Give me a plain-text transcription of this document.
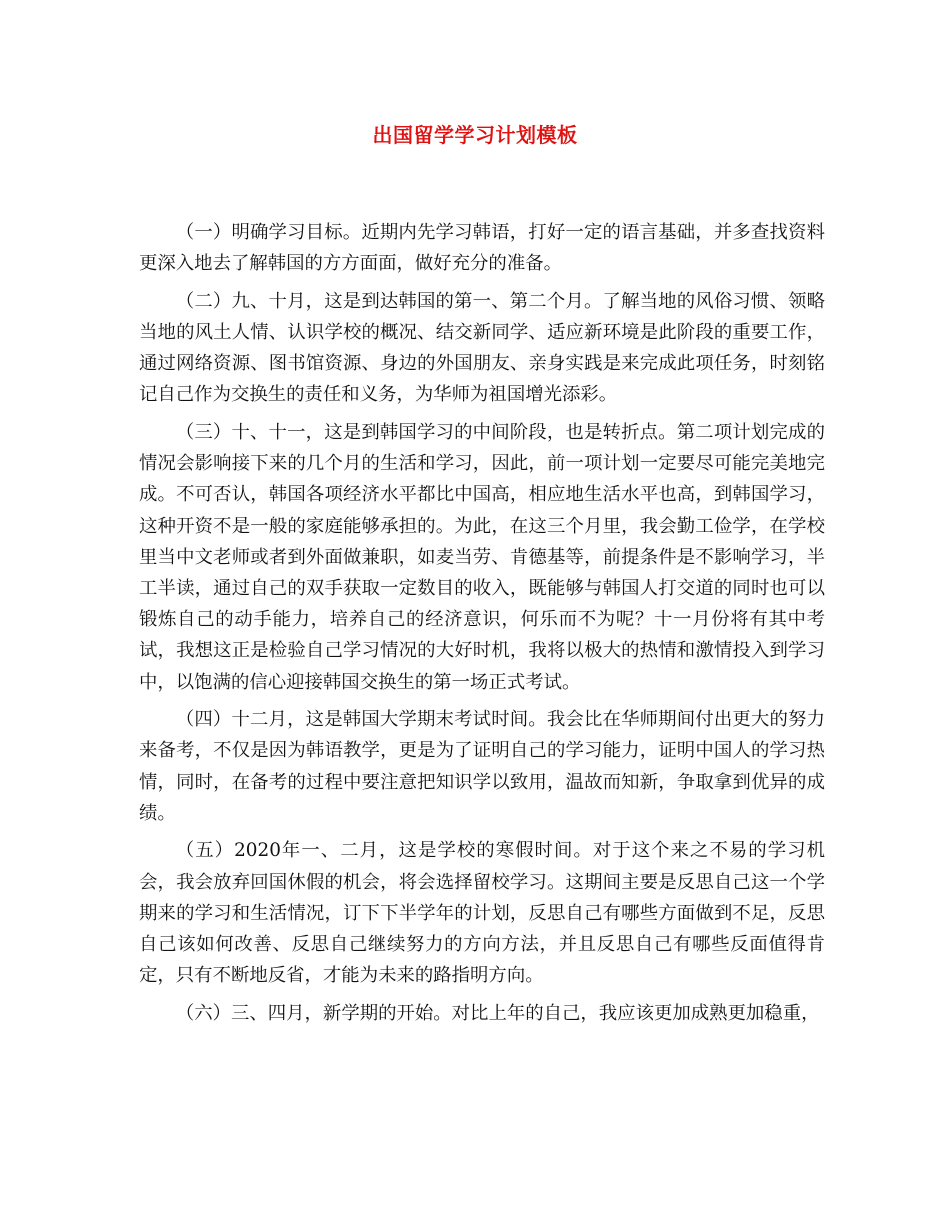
出国留学学习计划模板

（一）明确学习目标。近期内先学习韩语，打好一定的语言基础，并多查找资料更深入地去了解韩国的方方面面，做好充分的准备。

（二）九、十月，这是到达韩国的第一、第二个月。了解当地的风俗习惯、领略当地的风土人情、认识学校的概况、结交新同学、适应新环境是此阶段的重要工作，通过网络资源、图书馆资源、身边的外国朋友、亲身实践是来完成此项任务，时刻铭记自己作为交换生的责任和义务，为华师为祖国增光添彩。

（三）十、十一，这是到韩国学习的中间阶段，也是转折点。第二项计划完成的情况会影响接下来的几个月的生活和学习，因此，前一项计划一定要尽可能完美地完成。不可否认，韩国各项经济水平都比中国高，相应地生活水平也高，到韩国学习，这种开资不是一般的家庭能够承担的。为此，在这三个月里，我会勤工俭学，在学校里当中文老师或者到外面做兼职，如麦当劳、肯德基等，前提条件是不影响学习，半工半读，通过自己的双手获取一定数目的收入，既能够与韩国人打交道的同时也可以锻炼自己的动手能力，培养自己的经济意识，何乐而不为呢？十一月份将有其中考试，我想这正是检验自己学习情况的大好时机，我将以极大的热情和激情投入到学习中，以饱满的信心迎接韩国交换生的第一场正式考试。

（四）十二月，这是韩国大学期末考试时间。我会比在华师期间付出更大的努力来备考，不仅是因为韩语教学，更是为了证明自己的学习能力，证明中国人的学习热情，同时，在备考的过程中要注意把知识学以致用，温故而知新，争取拿到优异的成绩。

（五）2020年一、二月，这是学校的寒假时间。对于这个来之不易的学习机会，我会放弃回国休假的机会，将会选择留校学习。这期间主要是反思自己这一个学期来的学习和生活情况，订下下半学年的计划，反思自己有哪些方面做到不足，反思自己该如何改善、反思自己继续努力的方向方法，并且反思自己有哪些反面值得肯定，只有不断地反省，才能为未来的路指明方向。

（六）三、四月，新学期的开始。对比上年的自己，我应该更加成熟更加稳重，
